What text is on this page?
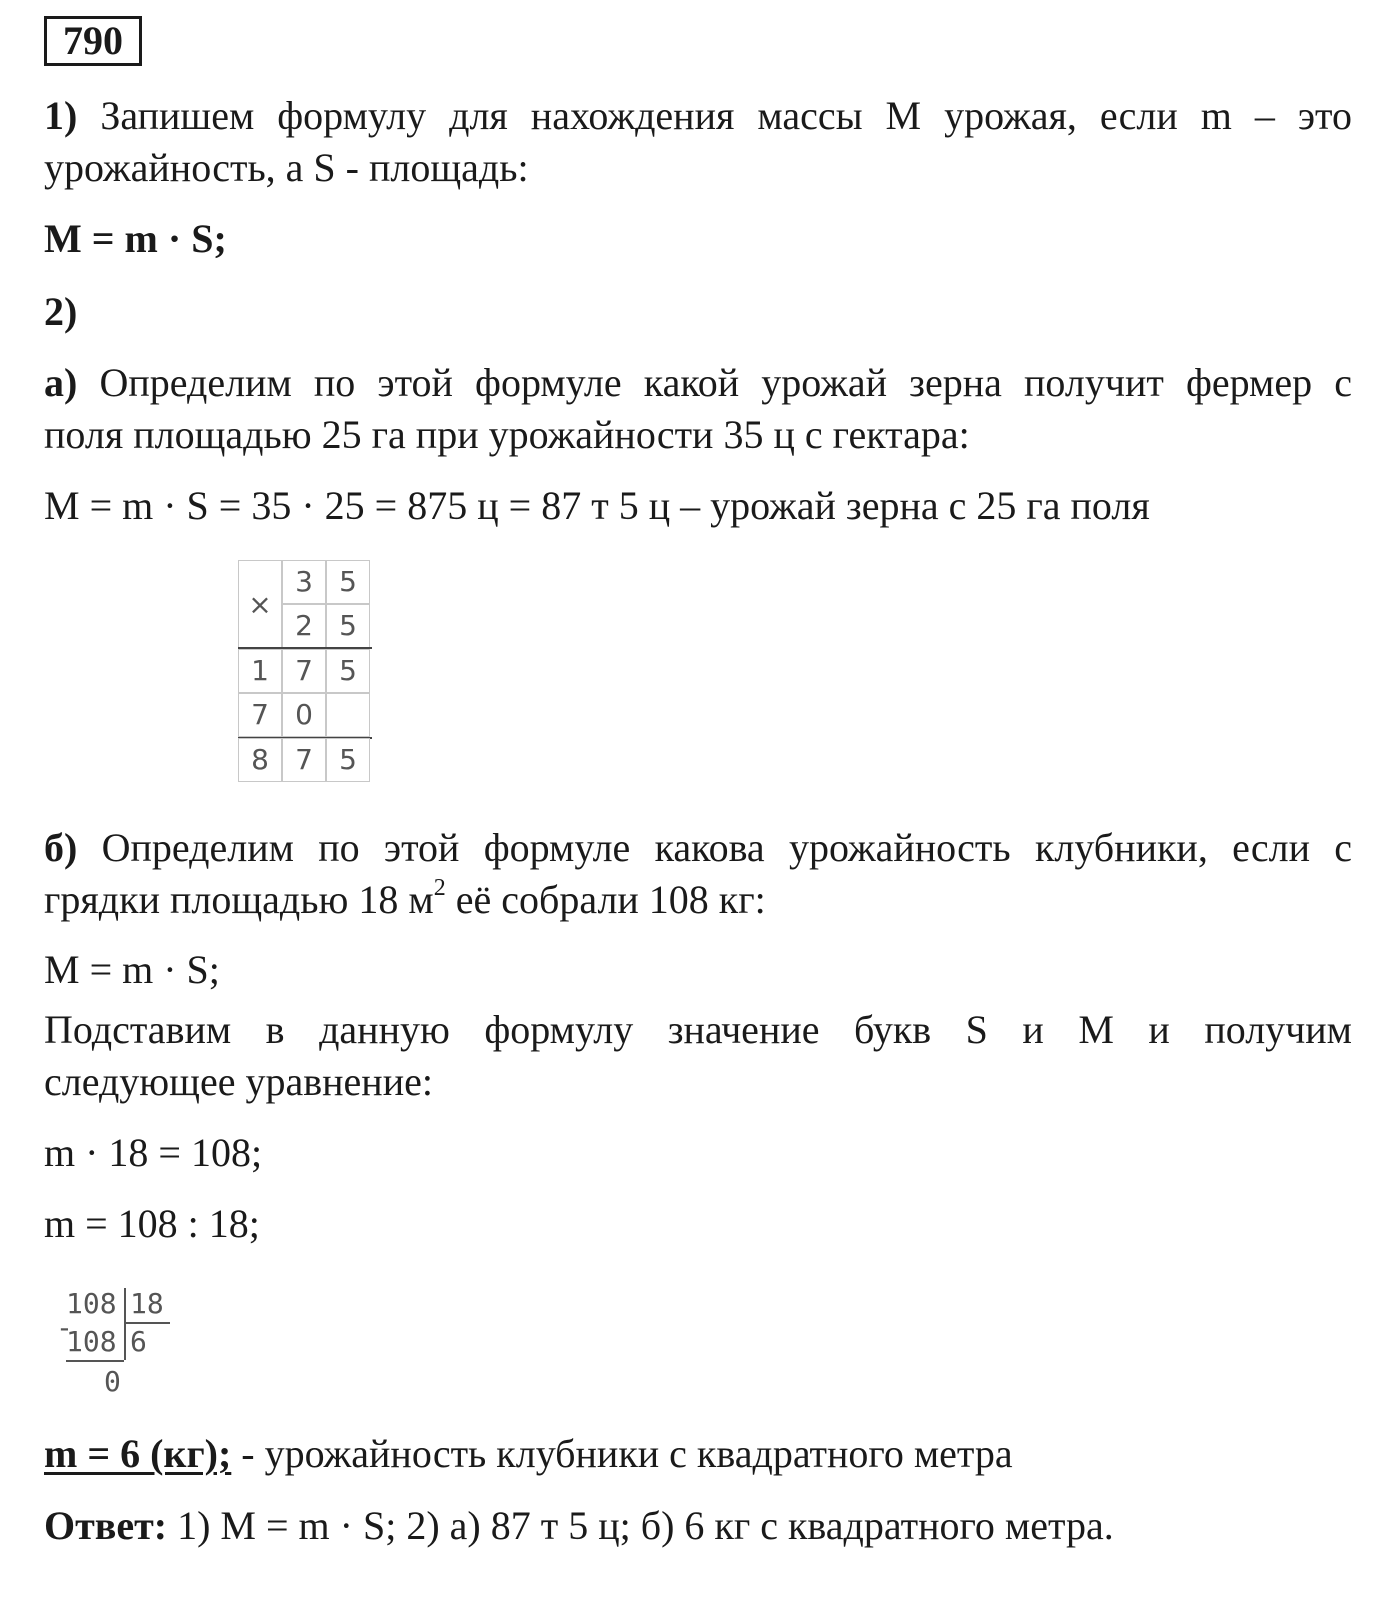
790
1) Запишем формулу для нахождения массы М урожая, если m – это
урожайность, а S - площадь:
M = m · S;
2)
а) Определим по этой формуле какой урожай зерна получит фермер с
поля площадью 25 га при урожайности 35 ц с гектара:
M = m · S = 35 · 25 = 875 ц = 87 т 5 ц – урожай зерна с 25 га поля
×
3 5
2 5
1 7 5
7 0
8 7 5
б) Определим по этой формуле какова урожайность клубники, если с
грядки площадью 18 $м^2$ её собрали 108 кг:
M = m · S;
Подставим в данную формулу значение букв S и M и получим
следующее уравнение:
m · 18 = 108;
m = 108 : 18;
-
108 18
108 6
0
m = 6 (кг); - урожайность клубники с квадратного метра
Ответ: 1) M = m · S; 2) а) 87 т 5 ц; б) 6 кг с квадратного метра.
